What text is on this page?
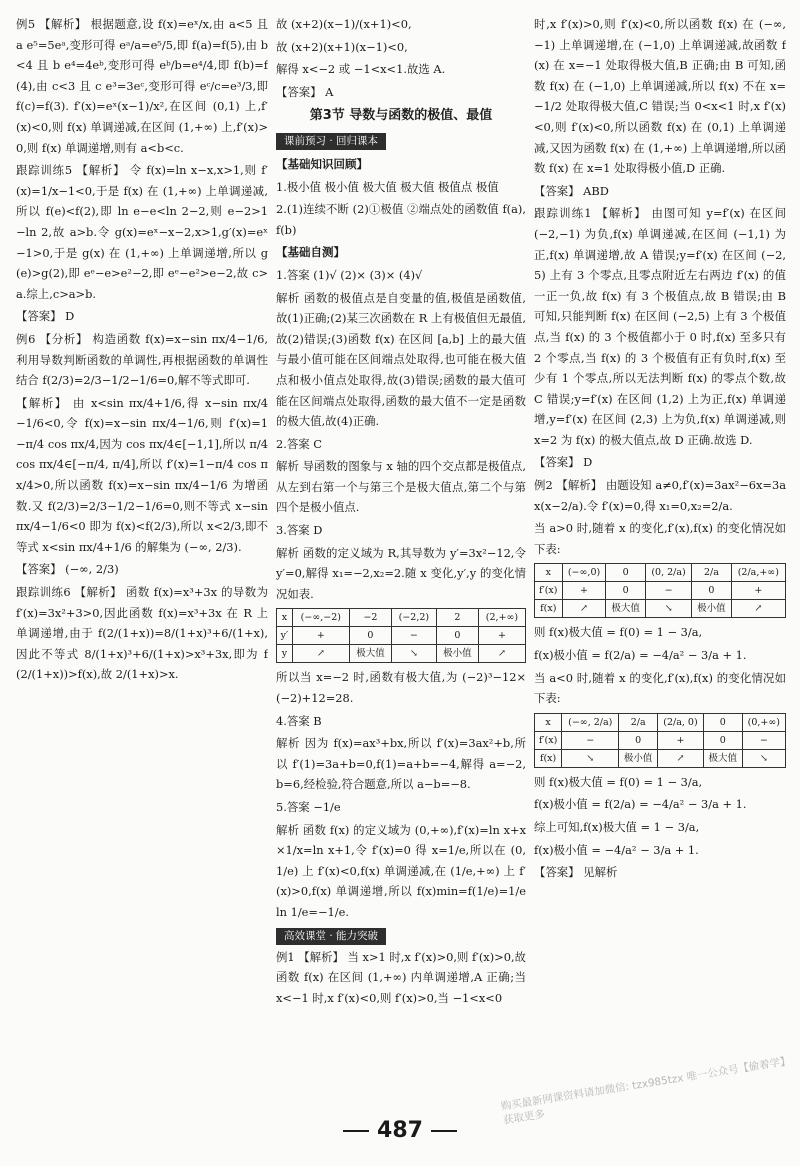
例5 【解析】 根据题意,设 f(x)=eˣ/x,由 a<5 且 a e⁵=5eᵃ,变形可得 eᵃ/a=e⁵/5,即 f(a)=f(5),由 b<4 且 b e⁴=4eᵇ,变形可得 eᵇ/b=e⁴/4,即 f(b)=f(4),由 c<3 且 c e³=3eᶜ,变形可得 eᶜ/c=e³/3,即 f(c)=f(3). f′(x)=eˣ(x−1)/x²,在区间 (0,1) 上,f′(x)<0,则 f(x) 单调递减,在区间 (1,+∞) 上,f′(x)>0,则 f(x) 单调递增,则有 a<b<c.

跟踪训练5 【解析】 令 f(x)=ln x−x,x>1,则 f′(x)=1/x−1<0,于是 f(x) 在 (1,+∞) 上单调递减,所以 f(e)<f(2),即 ln e−e<ln 2−2,则 e−2>1−ln 2,故 a>b.令 g(x)=eˣ−x−2,x>1,g′(x)=eˣ−1>0,于是 g(x) 在 (1,+∞) 上单调递增,所以 g(e)>g(2),即 eᵉ−e>e²−2,即 eᵉ−e²>e−2,故 c>a.综上,c>a>b.

【答案】 D

例6 【分析】 构造函数 f(x)=x−sin πx/4−1/6,利用导数判断函数的单调性,再根据函数的单调性结合 f(2/3)=2/3−1/2−1/6=0,解不等式即可.

【解析】 由 x<sin πx/4+1/6,得 x−sin πx/4−1/6<0,令 f(x)=x−sin πx/4−1/6,则 f′(x)=1−π/4 cos πx/4,因为 cos πx/4∈[−1,1],所以 π/4 cos πx/4∈[−π/4, π/4],所以 f′(x)=1−π/4 cos πx/4>0,所以函数 f(x)=x−sin πx/4−1/6 为增函数.又 f(2/3)=2/3−1/2−1/6=0,则不等式 x−sin πx/4−1/6<0 即为 f(x)<f(2/3),所以 x<2/3,即不等式 x<sin πx/4+1/6 的解集为 (−∞, 2/3).

【答案】 (−∞, 2/3)

跟踪训练6 【解析】 函数 f(x)=x³+3x 的导数为 f′(x)=3x²+3>0,因此函数 f(x)=x³+3x 在 R 上单调递增,由于 f(2/(1+x))=8/(1+x)³+6/(1+x),因此不等式 8/(1+x)³+6/(1+x)>x³+3x,即为 f(2/(1+x))>f(x),故 2/(1+x)>x.

故 (x+2)(x−1)/(x+1)<0,

故 (x+2)(x+1)(x−1)<0,

解得 x<−2 或 −1<x<1.故选 A.

【答案】 A

第3节 导数与函数的极值、最值
课前预习 · 回归课本
【基础知识回顾】

1.极小值 极小值 极大值 极大值 极值点 极值

2.(1)连续不断 (2)①极值 ②端点处的函数值 f(a), f(b)

【基础自测】

1.答案 (1)√ (2)× (3)× (4)√

解析 函数的极值点是自变量的值,极值是函数值,故(1)正确;(2)某三次函数在 R 上有极值但无最值,故(2)错误;(3)函数 f(x) 在区间 [a,b] 上的最大值与最小值可能在区间端点处取得,也可能在极大值点和极小值点处取得,故(3)错误;函数的最大值可能在区间端点处取得,函数的最大值不一定是函数的极大值,故(4)正确.

2.答案 C

解析 导函数的图象与 x 轴的四个交点都是极值点,从左到右第一个与第三个是极大值点,第二个与第四个是极小值点.

3.答案 D

解析 函数的定义域为 R,其导数为 y′=3x²−12,令 y′=0,解得 x₁=−2,x₂=2.随 x 变化,y′,y 的变化情况如表.

x	(−∞,−2)	−2	(−2,2)	2	(2,+∞)
y′	+	0	−	0	+
y	↗	极大值	↘	极小值	↗

所以当 x=−2 时,函数有极大值,为 (−2)³−12×(−2)+12=28.

4.答案 B

解析 因为 f(x)=ax³+bx,所以 f′(x)=3ax²+b,所以 f′(1)=3a+b=0,f(1)=a+b=−4,解得 a=−2,b=6,经检验,符合题意,所以 a−b=−8.

5.答案 −1/e

解析 函数 f(x) 的定义域为 (0,+∞),f′(x)=ln x+x×1/x=ln x+1,令 f′(x)=0 得 x=1/e,所以在 (0,1/e) 上 f′(x)<0,f(x) 单调递减,在 (1/e,+∞) 上 f′(x)>0,f(x) 单调递增,所以 f(x)min=f(1/e)=1/e ln 1/e=−1/e.

高效课堂 · 能力突破

例1 【解析】 当 x>1 时,x f′(x)>0,则 f′(x)>0,故函数 f(x) 在区间 (1,+∞) 内单调递增,A 正确;当 x<−1 时,x f′(x)<0,则 f′(x)>0,当 −1<x<0

时,x f′(x)>0,则 f′(x)<0,所以函数 f(x) 在 (−∞,−1) 上单调递增,在 (−1,0) 上单调递减,故函数 f(x) 在 x=−1 处取得极大值,B 正确;由 B 可知,函数 f(x) 在 (−1,0) 上单调递减,所以 f(x) 不在 x=−1/2 处取得极大值,C 错误;当 0<x<1 时,x f′(x)<0,则 f′(x)<0,所以函数 f(x) 在 (0,1) 上单调递减,又因为函数 f(x) 在 (1,+∞) 上单调递增,所以函数 f(x) 在 x=1 处取得极小值,D 正确.

【答案】 ABD

跟踪训练1 【解析】 由图可知 y=f′(x) 在区间 (−2,−1) 为负,f(x) 单调递减,在区间 (−1,1) 为正,f(x) 单调递增,故 A 错误;y=f′(x) 在区间 (−2,5) 上有 3 个零点,且零点附近左右两边 f′(x) 的值一正一负,故 f(x) 有 3 个极值点,故 B 错误;由 B 可知,只能判断 f(x) 在区间 (−2,5) 上有 3 个极值点,当 f(x) 的 3 个极值都小于 0 时,f(x) 至多只有 2 个零点,当 f(x) 的 3 个极值有正有负时,f(x) 至少有 1 个零点,所以无法判断 f(x) 的零点个数,故 C 错误;y=f′(x) 在区间 (1,2) 上为正,f(x) 单调递增,y=f′(x) 在区间 (2,3) 上为负,f(x) 单调递减,则 x=2 为 f(x) 的极大值点,故 D 正确.故选 D.

【答案】 D

例2 【解析】 由题设知 a≠0,f′(x)=3ax²−6x=3ax(x−2/a).令 f′(x)=0,得 x₁=0,x₂=2/a.

当 a>0 时,随着 x 的变化,f′(x),f(x) 的变化情况如下表:

x	(−∞,0)	0	(0, 2/a)	2/a	(2/a,+∞)
f′(x)	+	0	−	0	+
f(x)	↗	极大值	↘	极小值	↗

则 f(x)极大值 = f(0) = 1 − 3/a,

f(x)极小值 = f(2/a) = −4/a² − 3/a + 1.

当 a<0 时,随着 x 的变化,f′(x),f(x) 的变化情况如下表:

x	(−∞, 2/a)	2/a	(2/a, 0)	0	(0,+∞)
f′(x)	−	0	+	0	−
f(x)	↘	极小值	↗	极大值	↘

则 f(x)极大值 = f(0) = 1 − 3/a,

f(x)极小值 = f(2/a) = −4/a² − 3/a + 1.

综上可知,f(x)极大值 = 1 − 3/a,

f(x)极小值 = −4/a² − 3/a + 1.

【答案】 见解析

487
购买最新网课资料请加微信: tzx985tzx 唯一公众号【偷着学】获取更多
